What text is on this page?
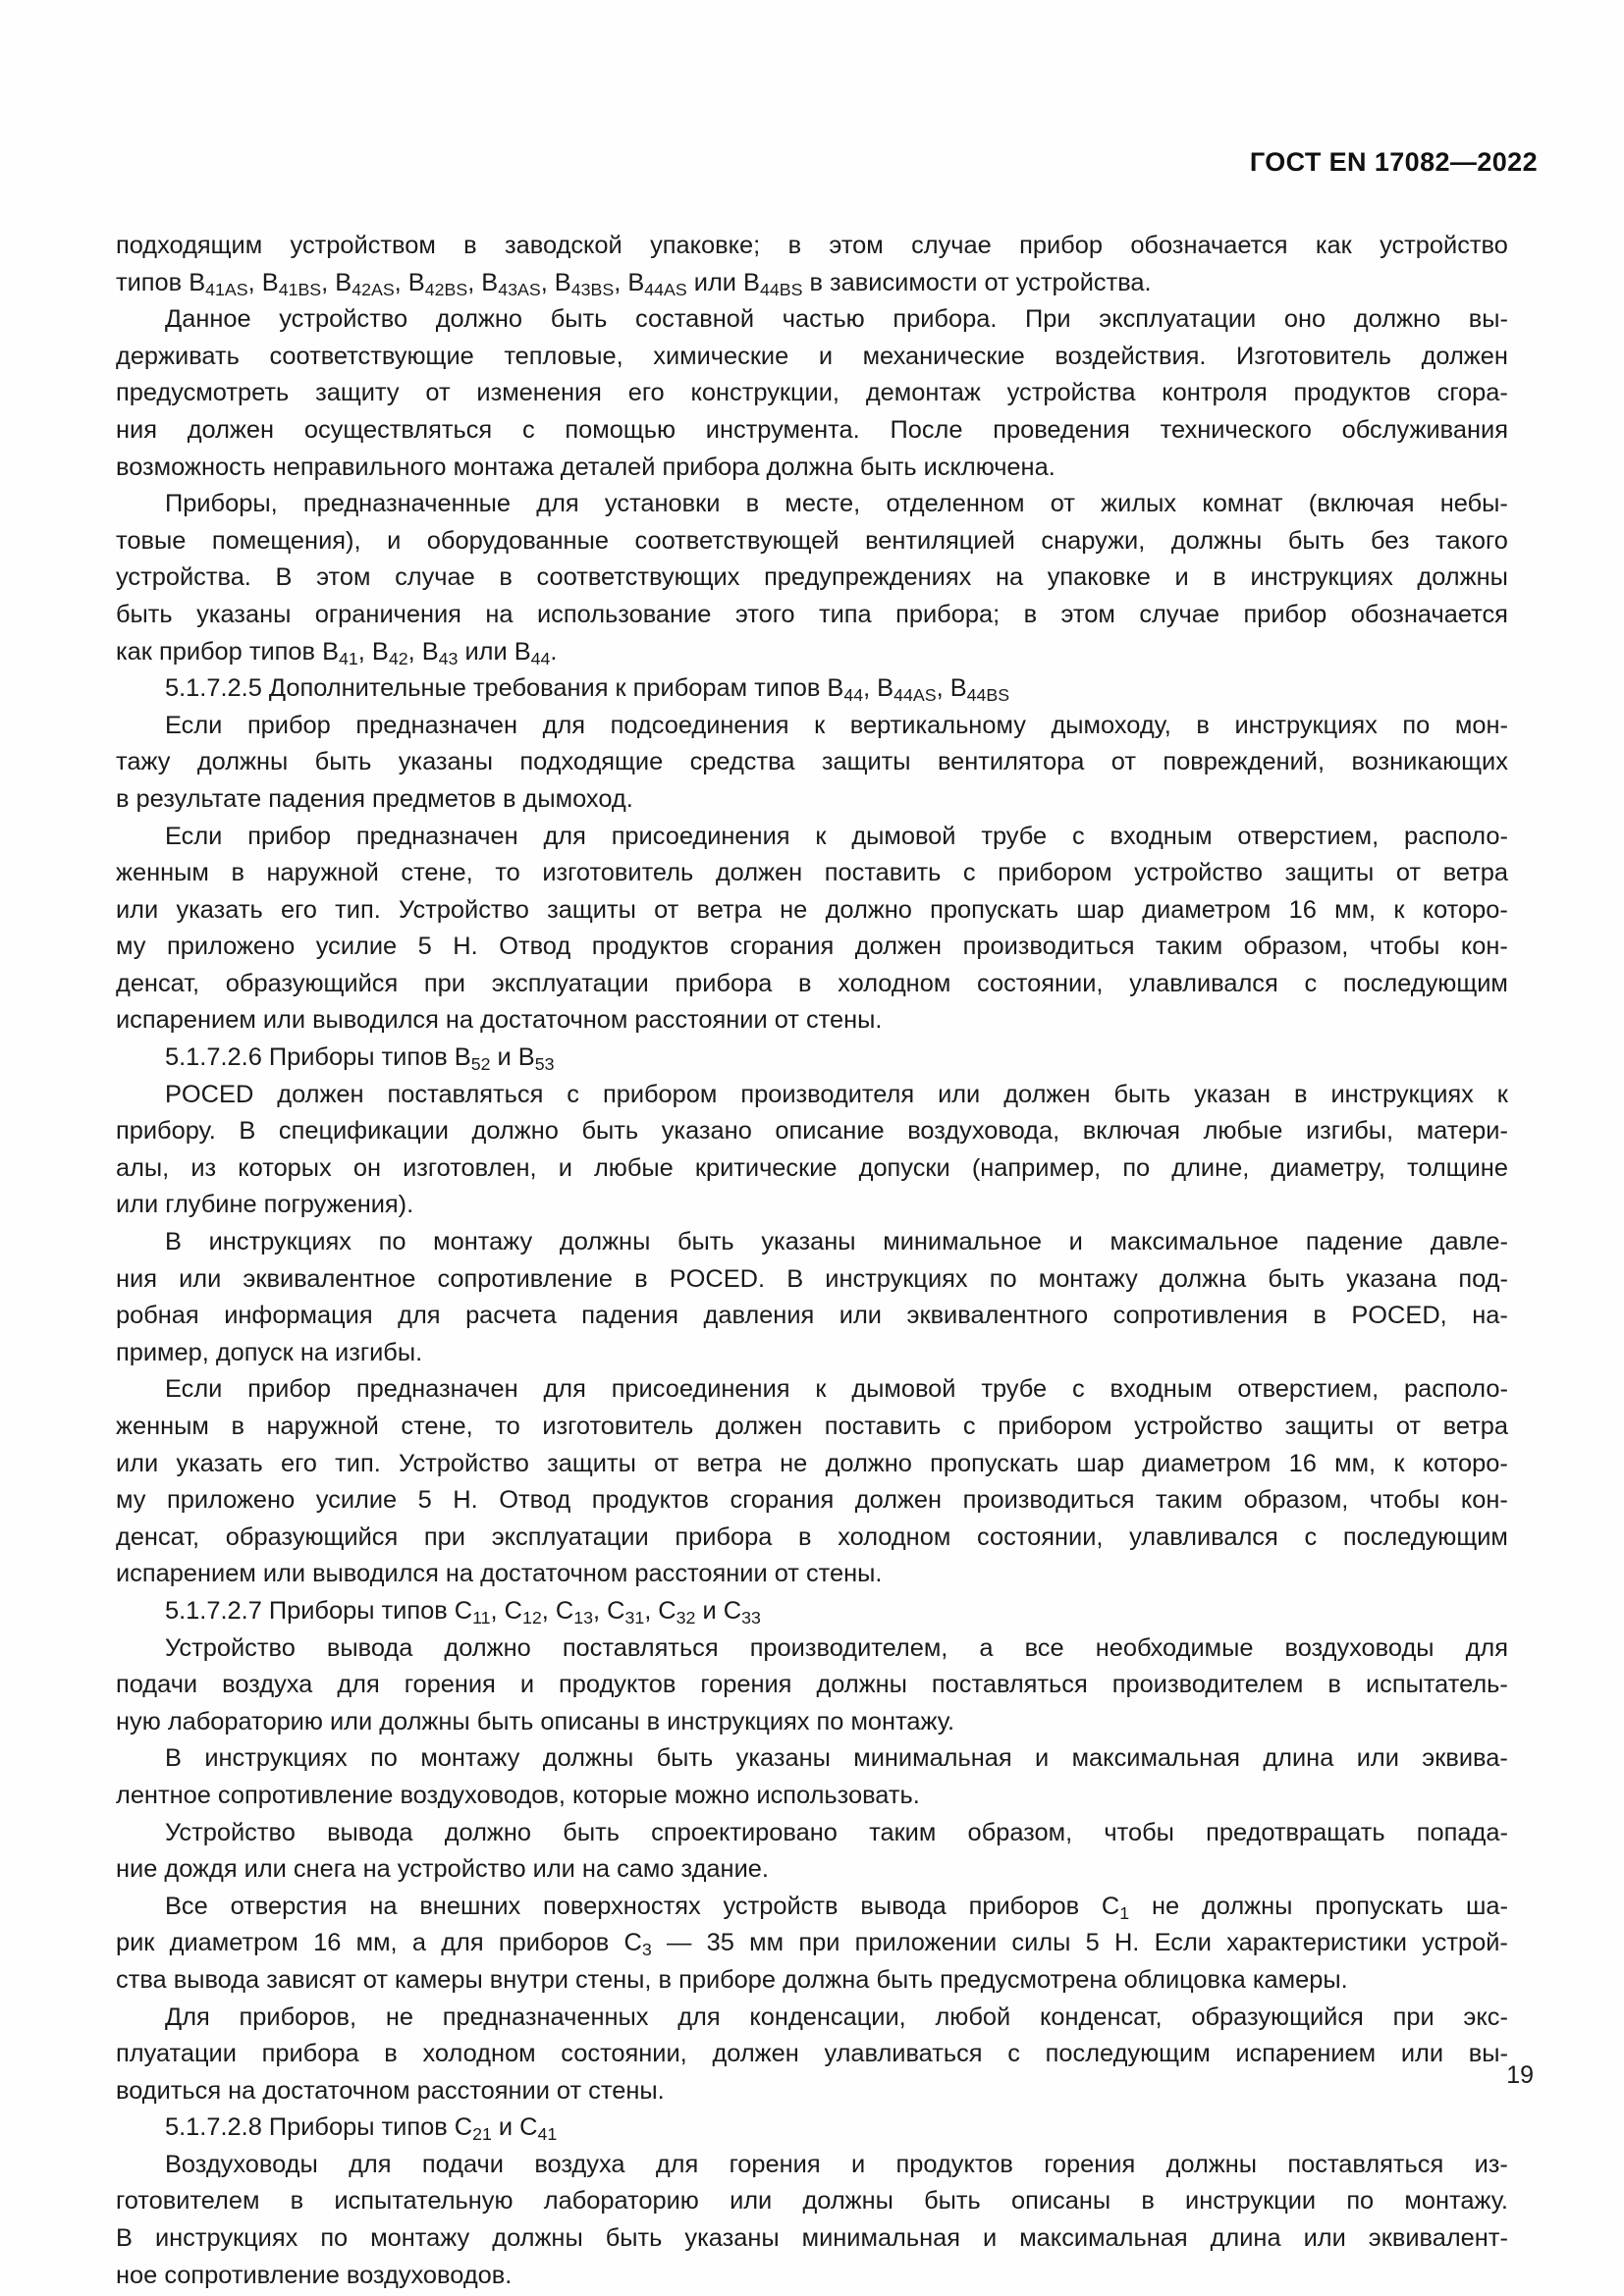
ГОСТ EN 17082—2022
подходящим устройством в заводской упаковке; в этом случае прибор обозначается как устройство
типов $B_{41AS}$, $B_{41BS}$, $B_{42AS}$, $B_{42BS}$, $B_{43AS}$, $B_{43BS}$, $B_{44AS}$ или $B_{44BS}$ в зависимости от устройства.
Данное устройство должно быть составной частью прибора. При эксплуатации оно должно вы-
держивать соответствующие тепловые, химические и механические воздействия. Изготовитель должен
предусмотреть защиту от изменения его конструкции, демонтаж устройства контроля продуктов сгора-
ния должен осуществляться с помощью инструмента. После проведения технического обслуживания
возможность неправильного монтажа деталей прибора должна быть исключена.
Приборы, предназначенные для установки в месте, отделенном от жилых комнат (включая небы-
товые помещения), и оборудованные соответствующей вентиляцией снаружи, должны быть без такого
устройства. В этом случае в соответствующих предупреждениях на упаковке и в инструкциях должны
быть указаны ограничения на использование этого типа прибора; в этом случае прибор обозначается
как прибор типов $B_{41}$, $B_{42}$, $B_{43}$ или $B_{44}$.
5.1.7.2.5 Дополнительные требования к приборам типов $B_{44}$, $B_{44AS}$, $B_{44BS}$
Если прибор предназначен для подсоединения к вертикальному дымоходу, в инструкциях по мон-
тажу должны быть указаны подходящие средства защиты вентилятора от повреждений, возникающих
в результате падения предметов в дымоход.
Если прибор предназначен для присоединения к дымовой трубе с входным отверстием, располо-
женным в наружной стене, то изготовитель должен поставить с прибором устройство защиты от ветра
или указать его тип. Устройство защиты от ветра не должно пропускать шар диаметром 16 мм, к которо-
му приложено усилие 5 Н. Отвод продуктов сгорания должен производиться таким образом, чтобы кон-
денсат, образующийся при эксплуатации прибора в холодном состоянии, улавливался с последующим
испарением или выводился на достаточном расстоянии от стены.
5.1.7.2.6 Приборы типов $B_{52}$ и $B_{53}$
POCED должен поставляться с прибором производителя или должен быть указан в инструкциях к
прибору. В спецификации должно быть указано описание воздуховода, включая любые изгибы, матери-
алы, из которых он изготовлен, и любые критические допуски (например, по длине, диаметру, толщине
или глубине погружения).
В инструкциях по монтажу должны быть указаны минимальное и максимальное падение давле-
ния или эквивалентное сопротивление в POCED. В инструкциях по монтажу должна быть указана под-
робная информация для расчета падения давления или эквивалентного сопротивления в POCED, на-
пример, допуск на изгибы.
Если прибор предназначен для присоединения к дымовой трубе с входным отверстием, располо-
женным в наружной стене, то изготовитель должен поставить с прибором устройство защиты от ветра
или указать его тип. Устройство защиты от ветра не должно пропускать шар диаметром 16 мм, к которо-
му приложено усилие 5 Н. Отвод продуктов сгорания должен производиться таким образом, чтобы кон-
денсат, образующийся при эксплуатации прибора в холодном состоянии, улавливался с последующим
испарением или выводился на достаточном расстоянии от стены.
5.1.7.2.7 Приборы типов $C_{11}$, $C_{12}$, $C_{13}$, $C_{31}$, $C_{32}$ и $C_{33}$
Устройство вывода должно поставляться производителем, а все необходимые воздуховоды для
подачи воздуха для горения и продуктов горения должны поставляться производителем в испытатель-
ную лабораторию или должны быть описаны в инструкциях по монтажу.
В инструкциях по монтажу должны быть указаны минимальная и максимальная длина или эквива-
лентное сопротивление воздуховодов, которые можно использовать.
Устройство вывода должно быть спроектировано таким образом, чтобы предотвращать попада-
ние дождя или снега на устройство или на само здание.
Все отверстия на внешних поверхностях устройств вывода приборов $C_1$ не должны пропускать ша-
рик диаметром 16 мм, а для приборов $C_3$ — 35 мм при приложении силы 5 Н. Если характеристики устрой-
ства вывода зависят от камеры внутри стены, в приборе должна быть предусмотрена облицовка камеры.
Для приборов, не предназначенных для конденсации, любой конденсат, образующийся при экс-
плуатации прибора в холодном состоянии, должен улавливаться с последующим испарением или вы-
водиться на достаточном расстоянии от стены.
5.1.7.2.8 Приборы типов $C_{21}$ и $C_{41}$
Воздуховоды для подачи воздуха для горения и продуктов горения должны поставляться из-
готовителем в испытательную лабораторию или должны быть описаны в инструкции по монтажу.
В инструкциях по монтажу должны быть указаны минимальная и максимальная длина или эквивалент-
ное сопротивление воздуховодов.
19
